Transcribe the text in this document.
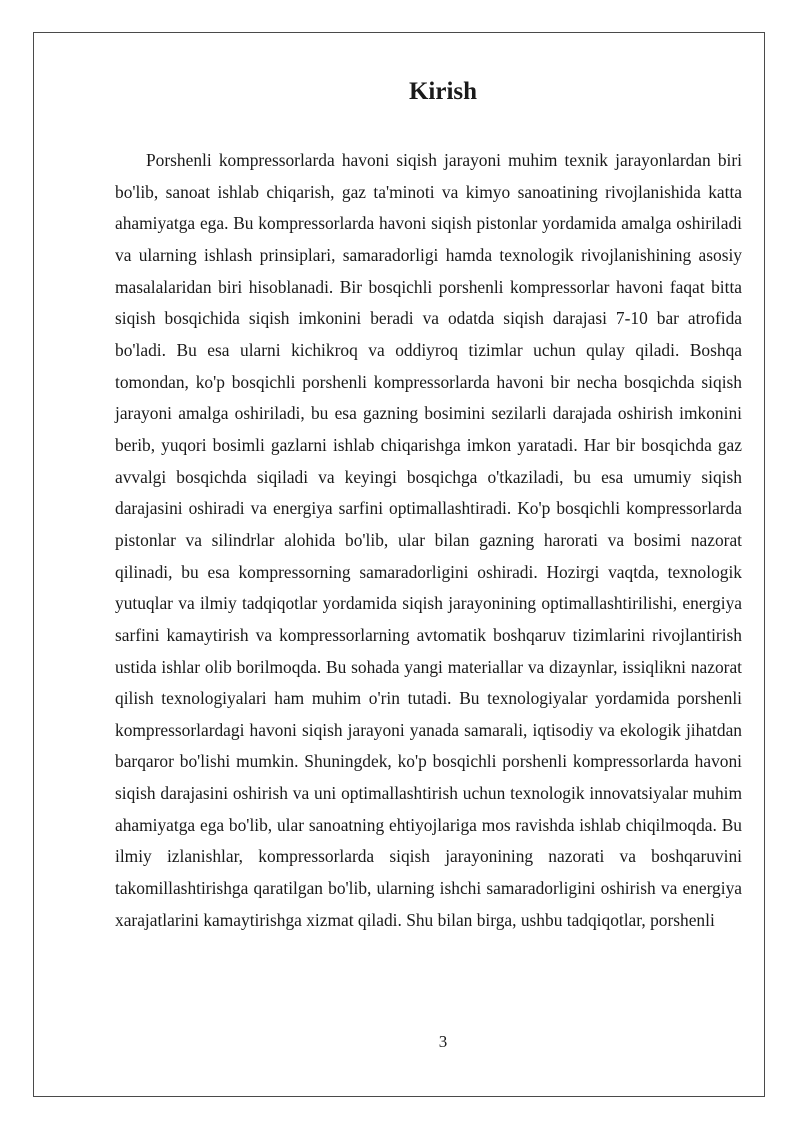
Kirish

Porshenli kompressorlarda havoni siqish jarayoni muhim texnik jarayonlardan biri bo'lib, sanoat ishlab chiqarish, gaz ta'minoti va kimyo sanoatining rivojlanishida katta ahamiyatga ega. Bu kompressorlarda havoni siqish pistonlar yordamida amalga oshiriladi va ularning ishlash prinsiplari, samaradorligi hamda texnologik rivojlanishining asosiy masalalaridan biri hisoblanadi. Bir bosqichli porshenli kompressorlar havoni faqat bitta siqish bosqichida siqish imkonini beradi va odatda siqish darajasi 7-10 bar atrofida bo'ladi. Bu esa ularni kichikroq va oddiyroq tizimlar uchun qulay qiladi. Boshqa tomondan, ko'p bosqichli porshenli kompressorlarda havoni bir necha bosqichda siqish jarayoni amalga oshiriladi, bu esa gazning bosimini sezilarli darajada oshirish imkonini berib, yuqori bosimli gazlarni ishlab chiqarishga imkon yaratadi. Har bir bosqichda gaz avvalgi bosqichda siqiladi va keyingi bosqichga o'tkaziladi, bu esa umumiy siqish darajasini oshiradi va energiya sarfini optimallashtiradi. Ko'p bosqichli kompressorlarda pistonlar va silindrlar alohida bo'lib, ular bilan gazning harorati va bosimi nazorat qilinadi, bu esa kompressorning samaradorligini oshiradi. Hozirgi vaqtda, texnologik yutuqlar va ilmiy tadqiqotlar yordamida siqish jarayonining optimallashtirilishi, energiya sarfini kamaytirish va kompressorlarning avtomatik boshqaruv tizimlarini rivojlantirish ustida ishlar olib borilmoqda. Bu sohada yangi materiallar va dizaynlar, issiqlikni nazorat qilish texnologiyalari ham muhim o'rin tutadi. Bu texnologiyalar yordamida porshenli kompressorlardagi havoni siqish jarayoni yanada samarali, iqtisodiy va ekologik jihatdan barqaror bo'lishi mumkin. Shuningdek, ko'p bosqichli porshenli kompressorlarda havoni siqish darajasini oshirish va uni optimallashtirish uchun texnologik innovatsiyalar muhim ahamiyatga ega bo'lib, ular sanoatning ehtiyojlariga mos ravishda ishlab chiqilmoqda. Bu ilmiy izlanishlar, kompressorlarda siqish jarayonining nazorati va boshqaruvini takomillashtirishga qaratilgan bo'lib, ularning ishchi samaradorligini oshirish va energiya xarajatlarini kamaytirishga xizmat qiladi. Shu bilan birga, ushbu tadqiqotlar, porshenli

3
